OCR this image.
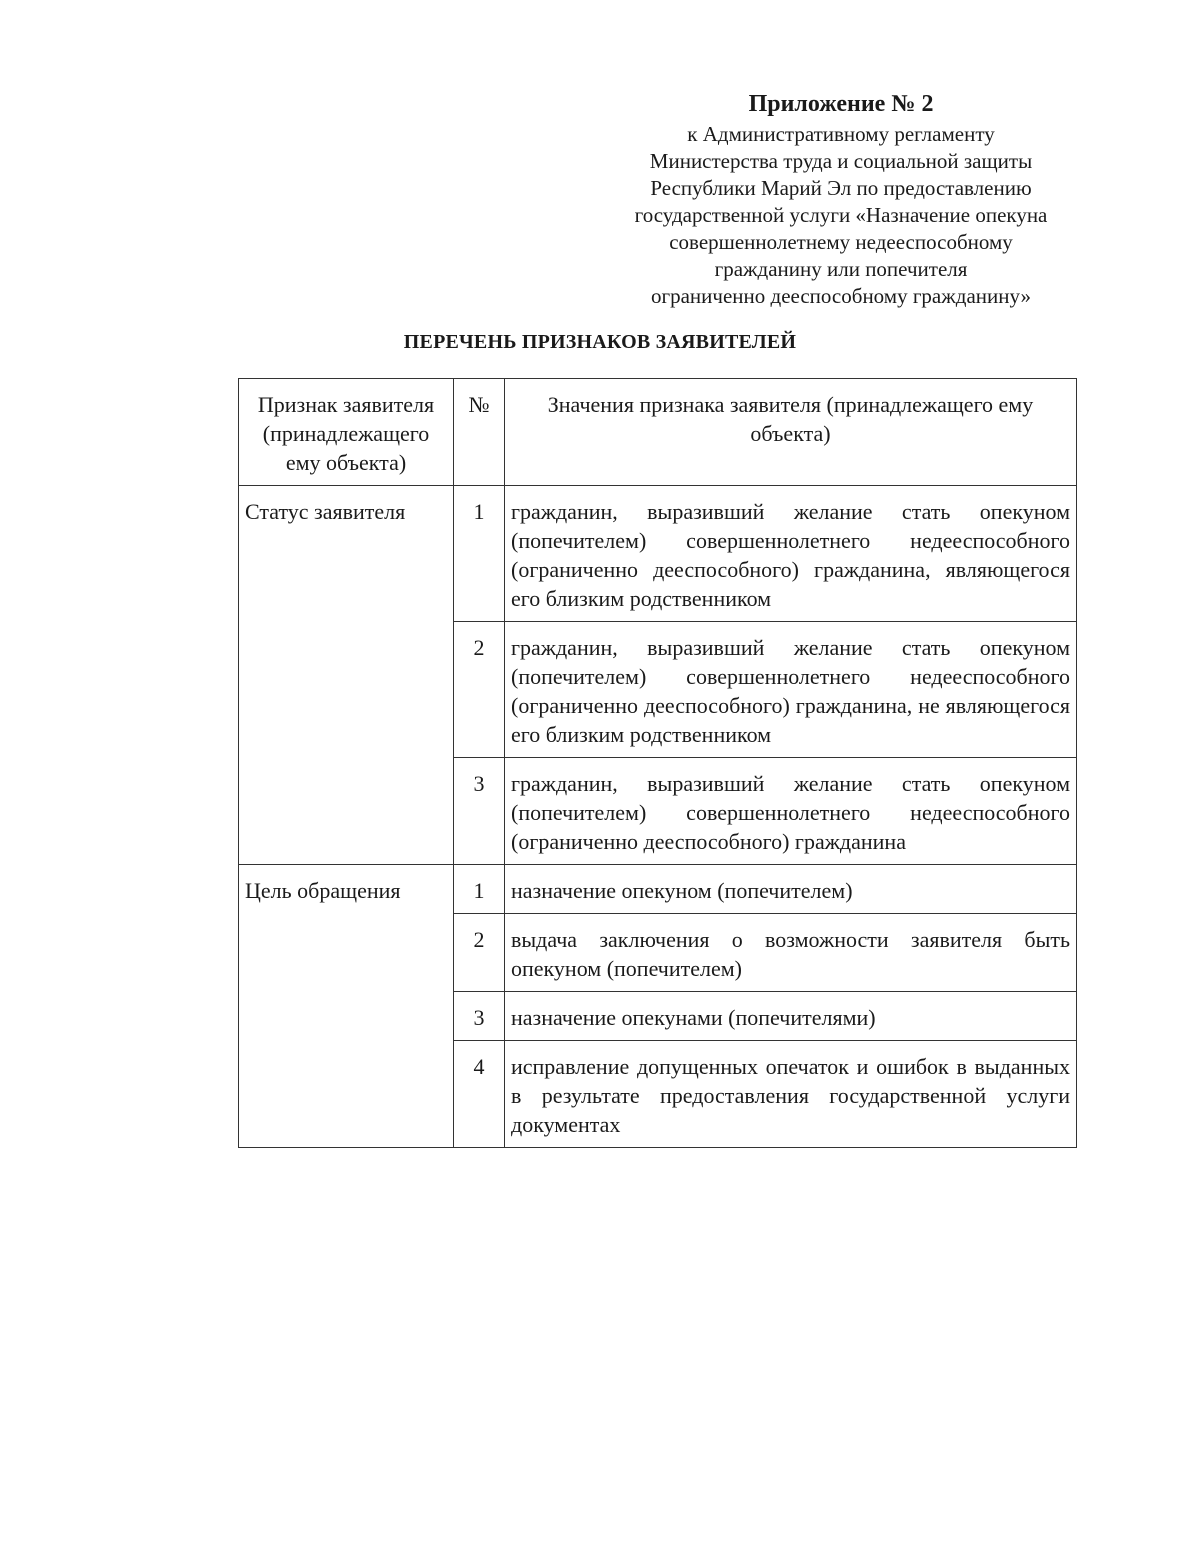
Приложение № 2
к Административному регламенту
Министерства труда и социальной защиты
Республики Марий Эл по предоставлению
государственной услуги «Назначение опекуна
совершеннолетнему недееспособному
гражданину или попечителя
ограниченно дееспособному гражданину»
ПЕРЕЧЕНЬ ПРИЗНАКОВ ЗАЯВИТЕЛЕЙ
Признак заявителя (принадлежащего ему объекта)	№	Значения признака заявителя (принадлежащего ему объекта)
Статус заявителя	1	гражданин, выразивший желание стать опекуном (попечителем) совершеннолетнего недееспособного (ограниченно дееспособного) гражданина, являющегося его близким родственником
	2	гражданин, выразивший желание стать опекуном (попечителем) совершеннолетнего недееспособного (ограниченно дееспособного) гражданина, не являющегося его близким родственником
	3	гражданин, выразивший желание стать опекуном (попечителем) совершеннолетнего недееспособного (ограниченно дееспособного) гражданина
Цель обращения	1	назначение опекуном (попечителем)
	2	выдача заключения о возможности заявителя быть опекуном (попечителем)
	3	назначение опекунами (попечителями)
	4	исправление допущенных опечаток и ошибок в выданных в результате предоставления государственной услуги документах
